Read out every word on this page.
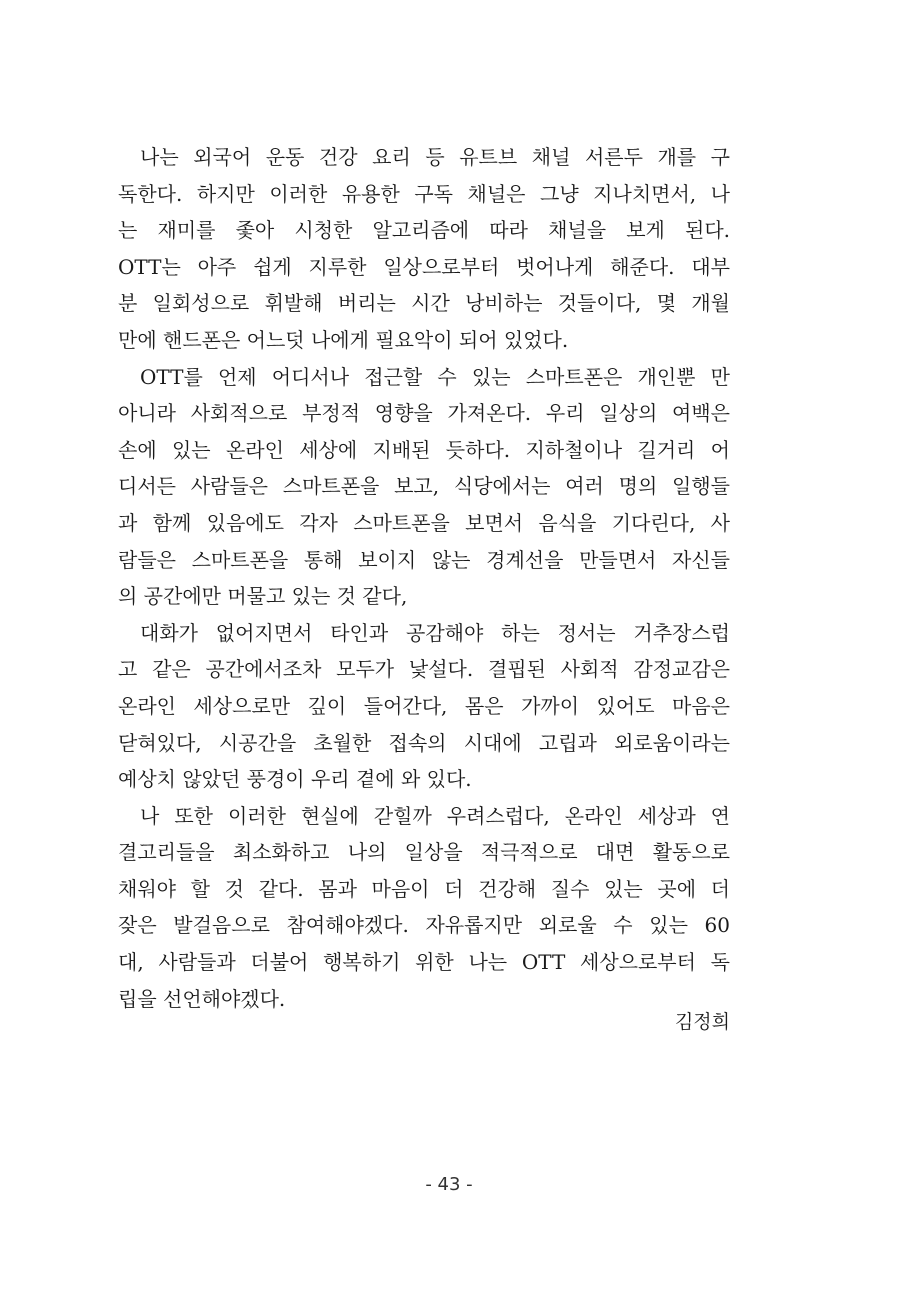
나는 외국어 운동 건강 요리 등 유트브 채널 서른두 개를 구
독한다. 하지만 이러한 유용한 구독 채널은 그냥 지나치면서, 나
는 재미를 좇아 시청한 알고리즘에 따라 채널을 보게 된다.
OTT는 아주 쉽게 지루한 일상으로부터 벗어나게 해준다. 대부
분 일회성으로 휘발해 버리는 시간 낭비하는 것들이다, 몇 개월
만에 핸드폰은 어느덧 나에게 필요악이 되어 있었다.
OTT를 언제 어디서나 접근할 수 있는 스마트폰은 개인뿐 만
아니라 사회적으로 부정적 영향을 가져온다. 우리 일상의 여백은
손에 있는 온라인 세상에 지배된 듯하다. 지하철이나 길거리 어
디서든 사람들은 스마트폰을 보고, 식당에서는 여러 명의 일행들
과 함께 있음에도 각자 스마트폰을 보면서 음식을 기다린다, 사
람들은 스마트폰을 통해 보이지 않는 경계선을 만들면서 자신들
의 공간에만 머물고 있는 것 같다,
대화가 없어지면서 타인과 공감해야 하는 정서는 거추장스럽
고 같은 공간에서조차 모두가 낯설다. 결핍된 사회적 감정교감은
온라인 세상으로만 깊이 들어간다, 몸은 가까이 있어도 마음은
닫혀있다, 시공간을 초월한 접속의 시대에 고립과 외로움이라는
예상치 않았던 풍경이 우리 곁에 와 있다.
나 또한 이러한 현실에 갇힐까 우려스럽다, 온라인 세상과 연
결고리들을 최소화하고 나의 일상을 적극적으로 대면 활동으로
채워야 할 것 같다. 몸과 마음이 더 건강해 질수 있는 곳에 더
잦은 발걸음으로 참여해야겠다. 자유롭지만 외로울 수 있는 60
대, 사람들과 더불어 행복하기 위한 나는 OTT 세상으로부터 독
립을 선언해야겠다.
김정희
- 43 -
